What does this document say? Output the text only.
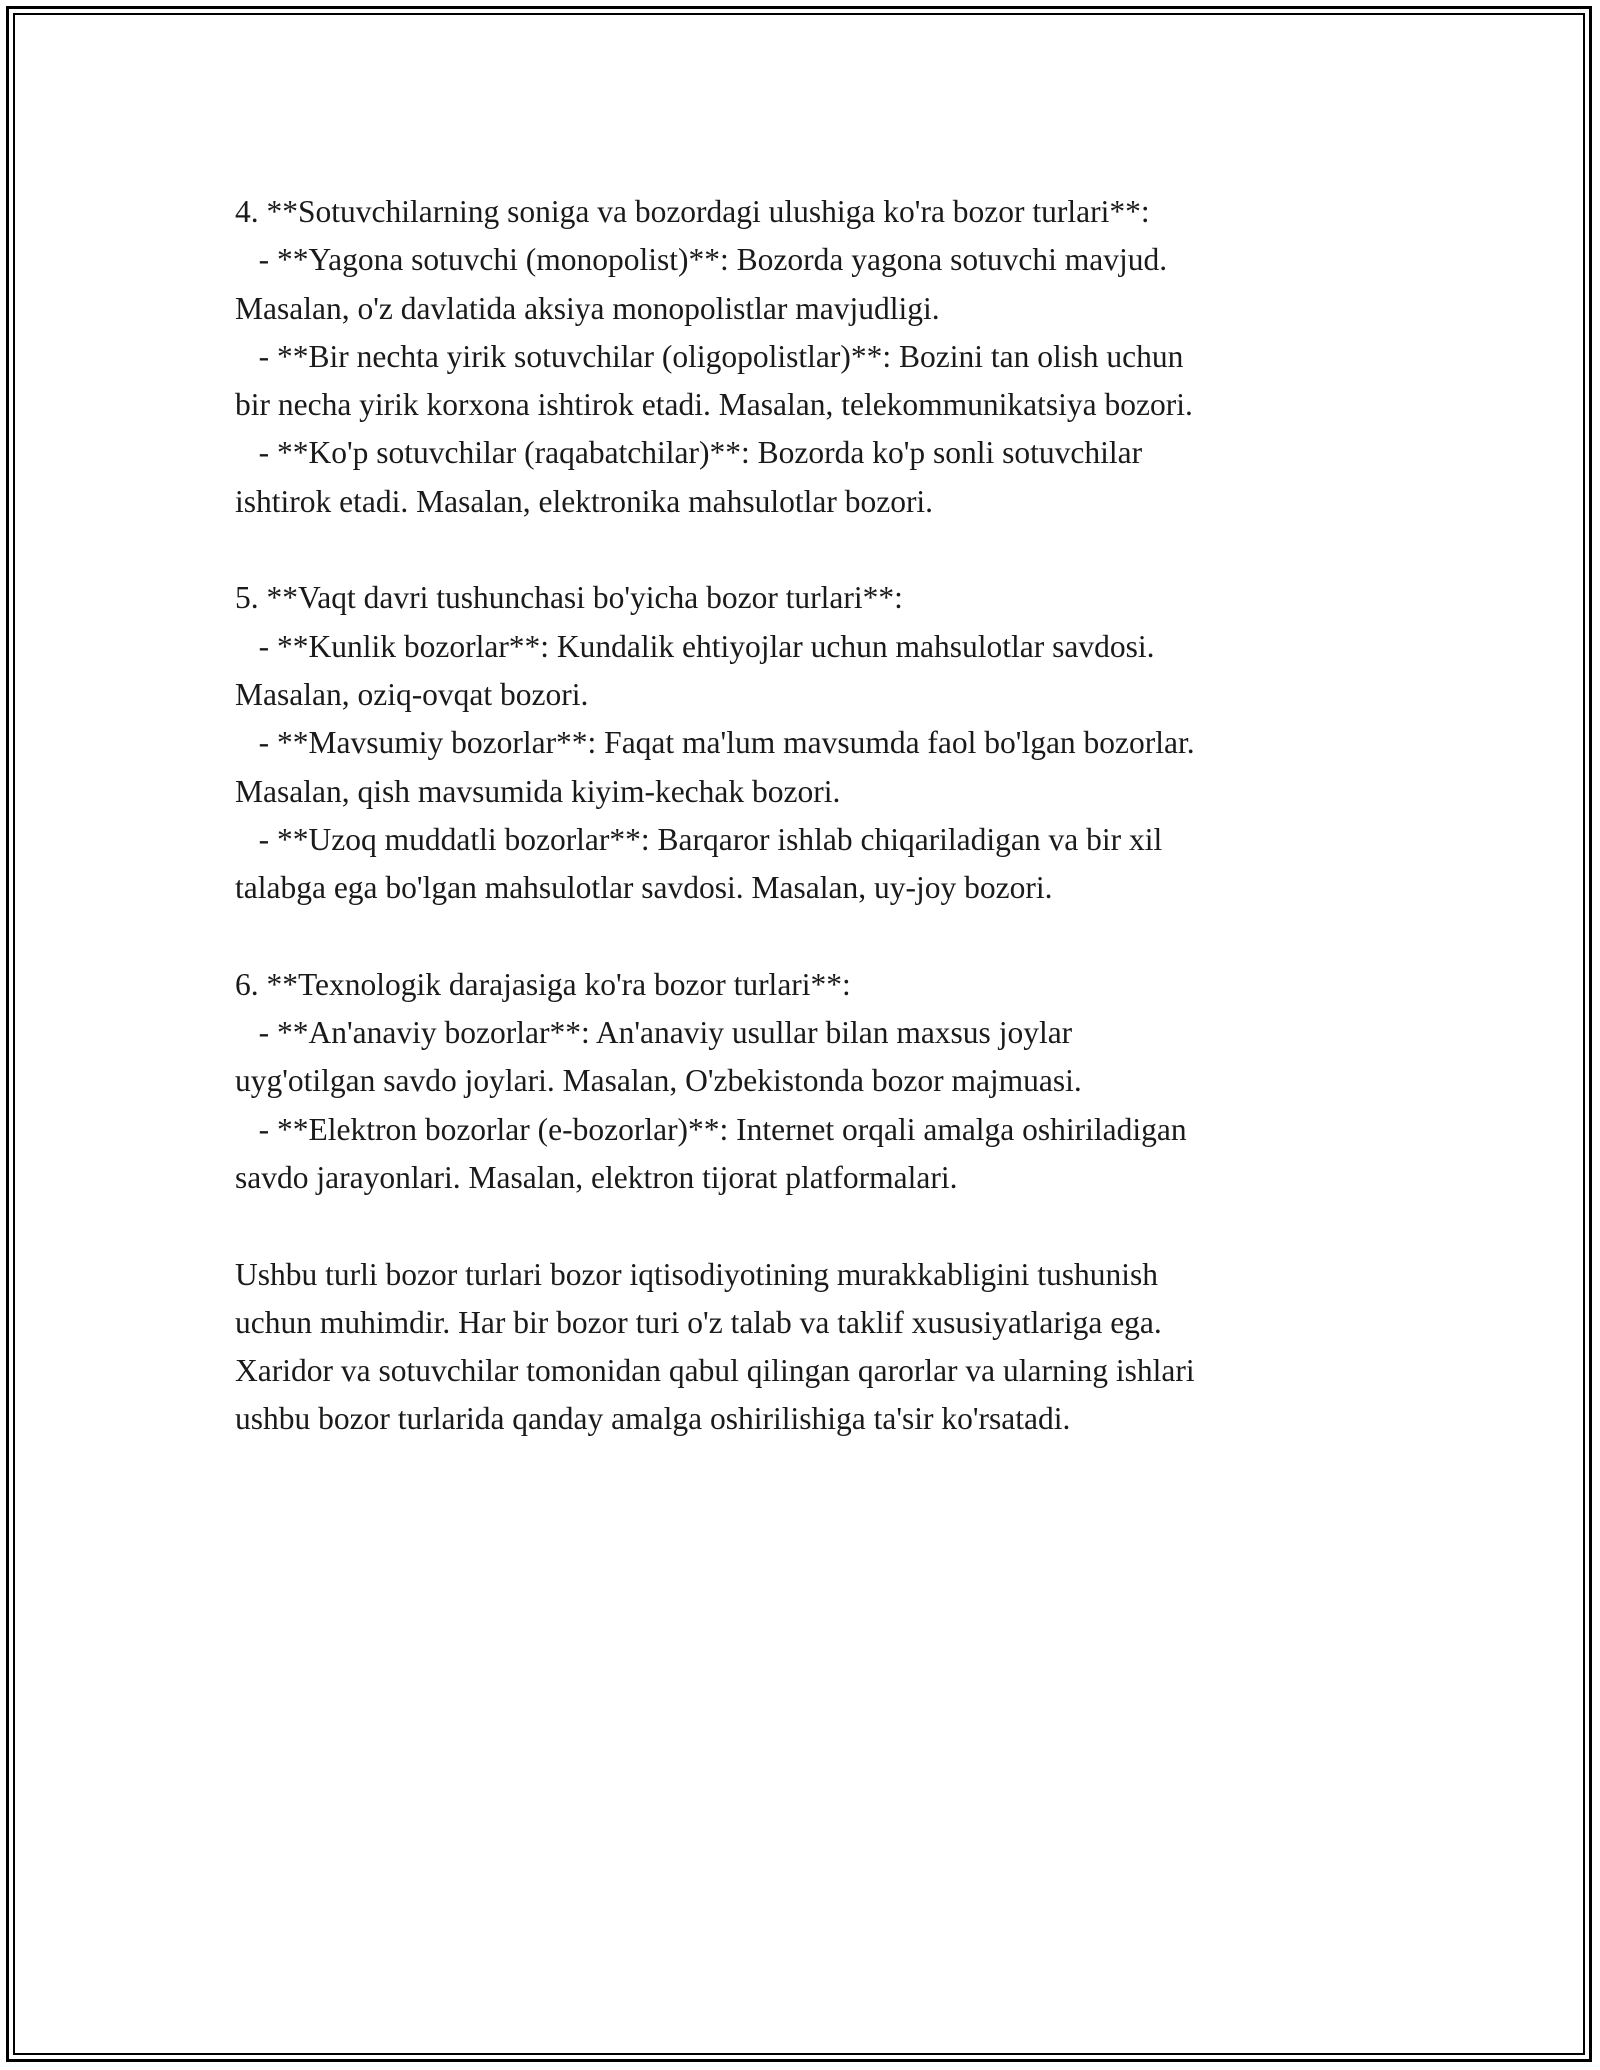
4. **Sotuvchilarning soniga va bozordagi ulushiga ko'ra bozor turlari**:

- **Yagona sotuvchi (monopolist)**: Bozorda yagona sotuvchi mavjud.

Masalan, o'z davlatida aksiya monopolistlar mavjudligi.

- **Bir nechta yirik sotuvchilar (oligopolistlar)**: Bozini tan olish uchun

bir necha yirik korxona ishtirok etadi. Masalan, telekommunikatsiya bozori.

- **Ko'p sotuvchilar (raqabatchilar)**: Bozorda ko'p sonli sotuvchilar

ishtirok etadi. Masalan, elektronika mahsulotlar bozori.

5. **Vaqt davri tushunchasi bo'yicha bozor turlari**:

- **Kunlik bozorlar**: Kundalik ehtiyojlar uchun mahsulotlar savdosi.

Masalan, oziq-ovqat bozori.

- **Mavsumiy bozorlar**: Faqat ma'lum mavsumda faol bo'lgan bozorlar.

Masalan, qish mavsumida kiyim-kechak bozori.

- **Uzoq muddatli bozorlar**: Barqaror ishlab chiqariladigan va bir xil

talabga ega bo'lgan mahsulotlar savdosi. Masalan, uy-joy bozori.

6. **Texnologik darajasiga ko'ra bozor turlari**:

- **An'anaviy bozorlar**: An'anaviy usullar bilan maxsus joylar

uyg'otilgan savdo joylari. Masalan, O'zbekistonda bozor majmuasi.

- **Elektron bozorlar (e-bozorlar)**: Internet orqali amalga oshiriladigan

savdo jarayonlari. Masalan, elektron tijorat platformalari.

Ushbu turli bozor turlari bozor iqtisodiyotining murakkabligini tushunish

uchun muhimdir. Har bir bozor turi o'z talab va taklif xususiyatlariga ega.

Xaridor va sotuvchilar tomonidan qabul qilingan qarorlar va ularning ishlari

ushbu bozor turlarida qanday amalga oshirilishiga ta'sir ko'rsatadi.
